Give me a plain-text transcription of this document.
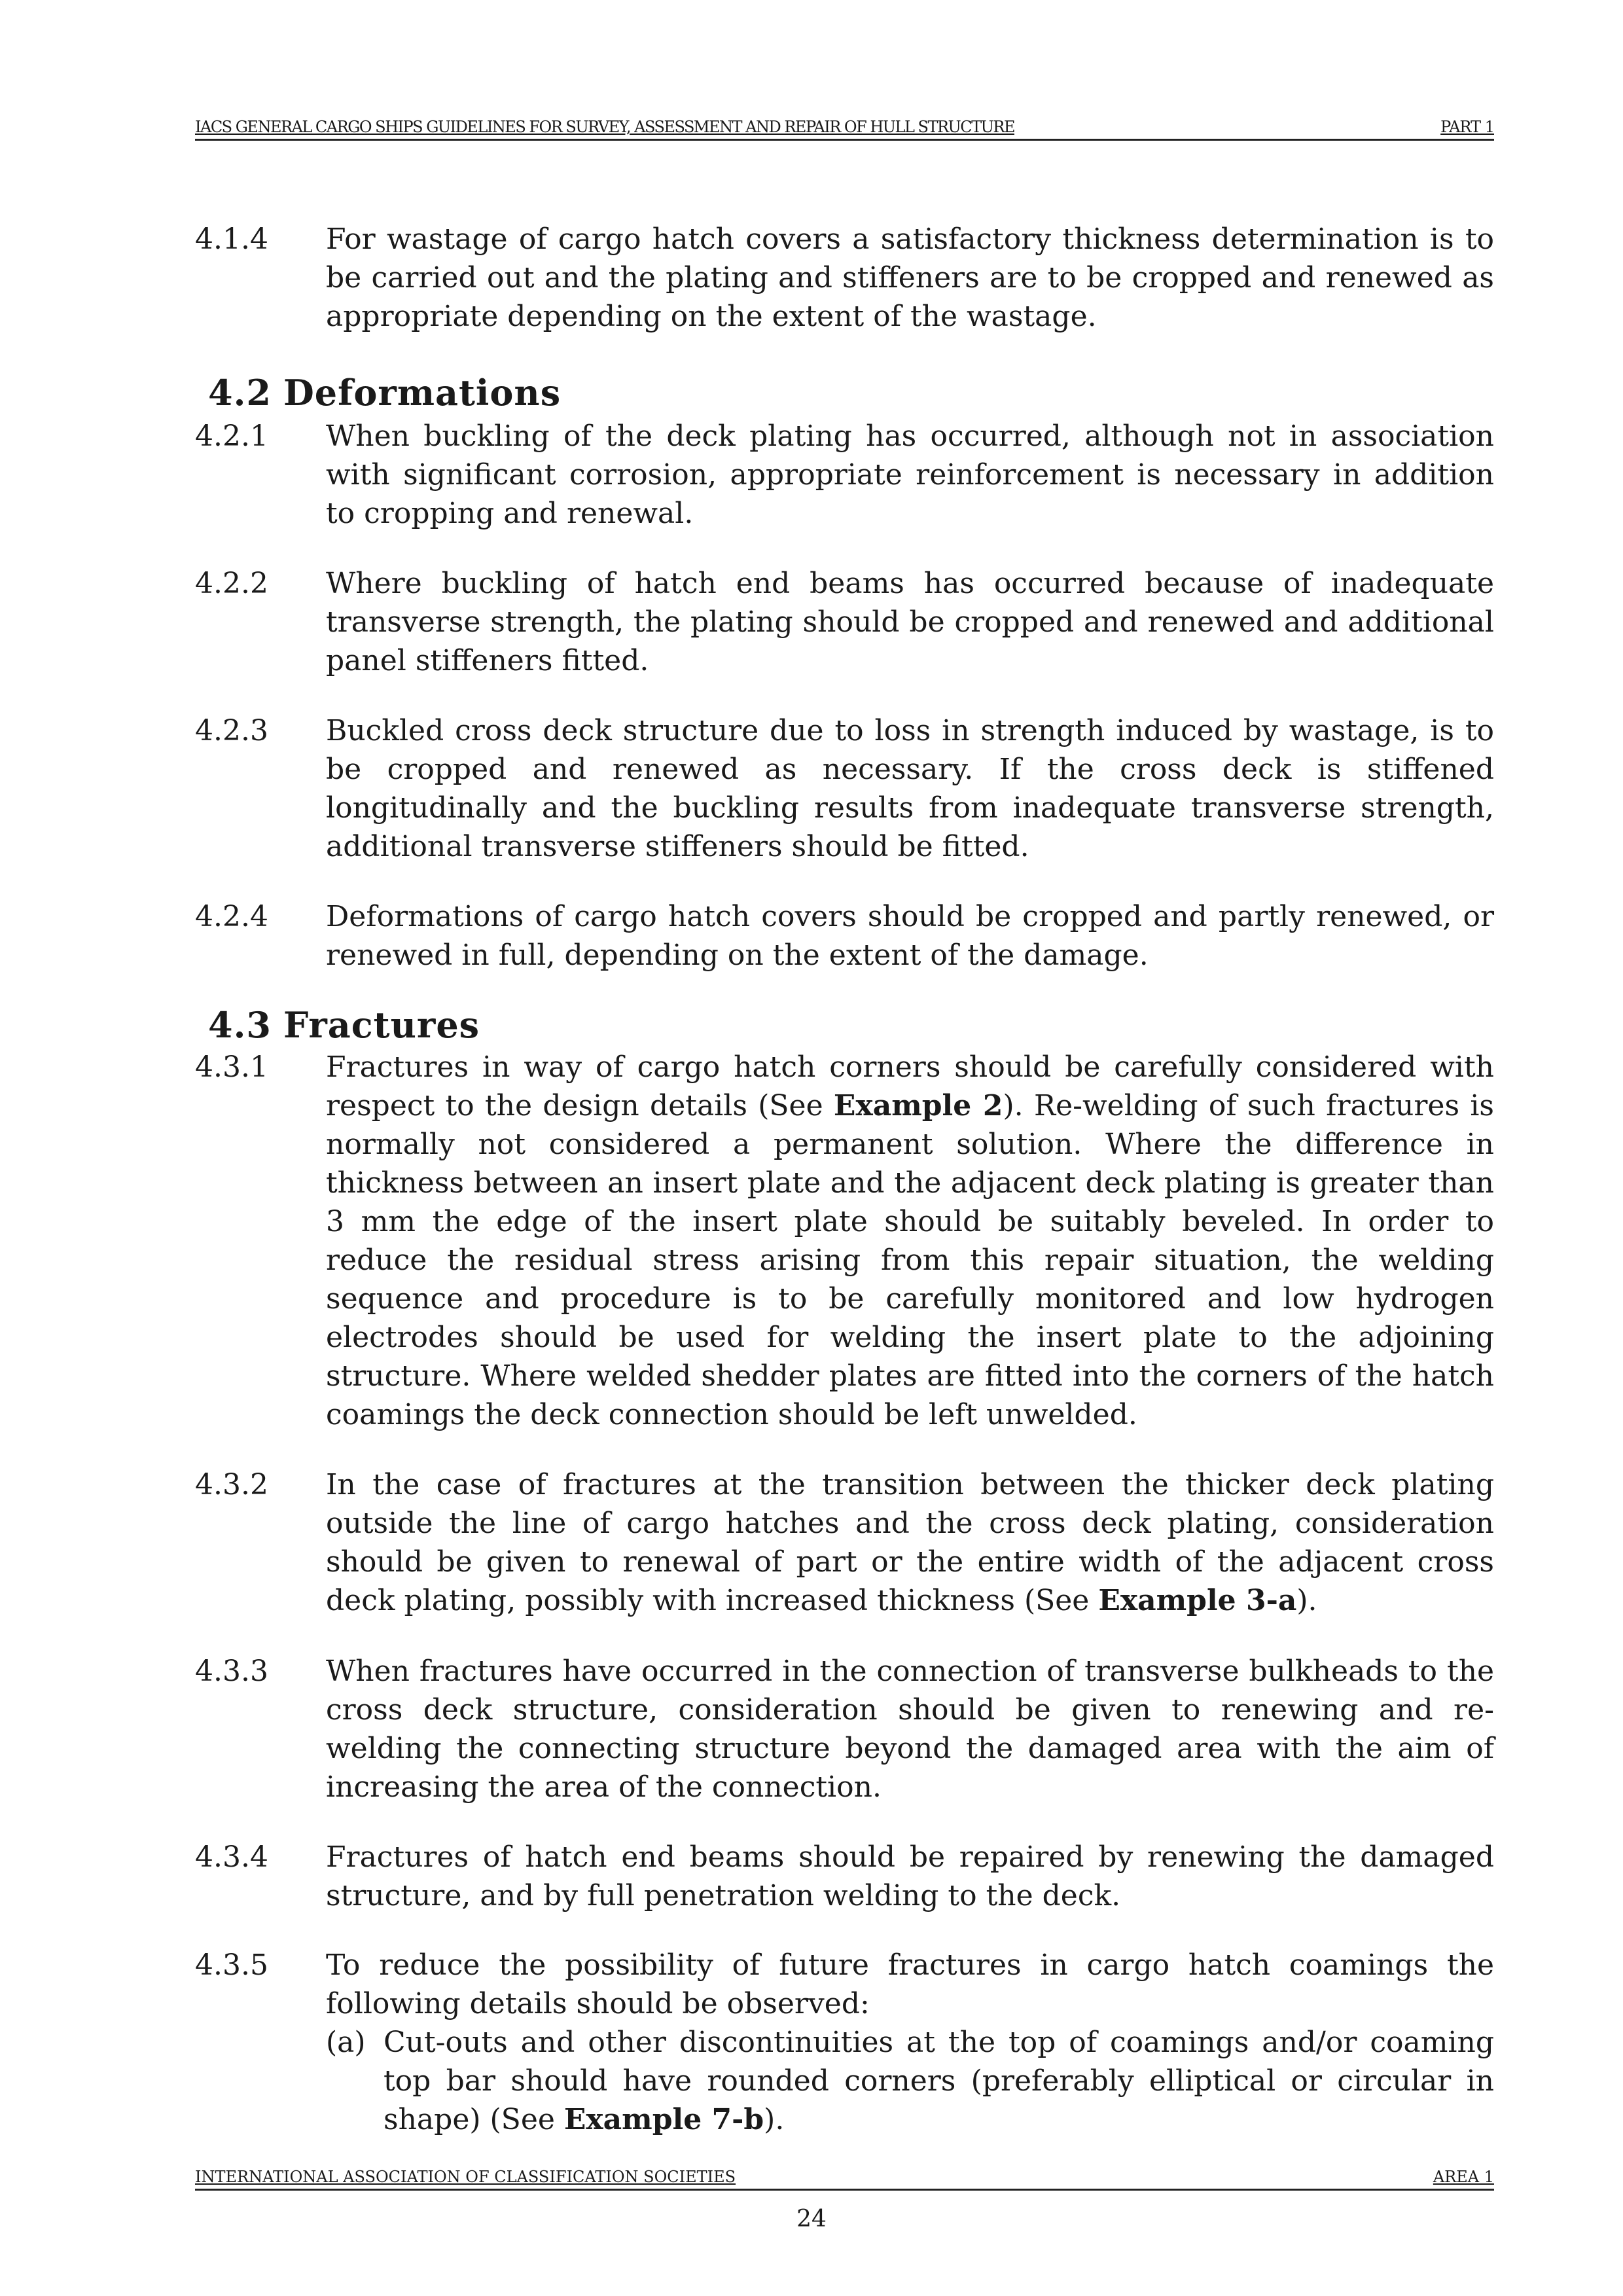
IACS GENERAL CARGO SHIPS GUIDELINES FOR SURVEY, ASSESSMENT AND REPAIR OF HULL STRUCTURE	PART 1
4.1.4 For wastage of cargo hatch covers a satisfactory thickness determination is to be carried out and the plating and stiffeners are to be cropped and renewed as appropriate depending on the extent of the wastage.
4.2 Deformations
4.2.1 When buckling of the deck plating has occurred, although not in association with significant corrosion, appropriate reinforcement is necessary in addition to cropping and renewal.
4.2.2 Where buckling of hatch end beams has occurred because of inadequate transverse strength, the plating should be cropped and renewed and additional panel stiffeners fitted.
4.2.3 Buckled cross deck structure due to loss in strength induced by wastage, is to be cropped and renewed as necessary. If the cross deck is stiffened longitudinally and the buckling results from inadequate transverse strength, additional transverse stiffeners should be fitted.
4.2.4 Deformations of cargo hatch covers should be cropped and partly renewed, or renewed in full, depending on the extent of the damage.
4.3 Fractures
4.3.1 Fractures in way of cargo hatch corners should be carefully considered with respect to the design details (See Example 2). Re-welding of such fractures is normally not considered a permanent solution. Where the difference in thickness between an insert plate and the adjacent deck plating is greater than 3 mm the edge of the insert plate should be suitably beveled. In order to reduce the residual stress arising from this repair situation, the welding sequence and procedure is to be carefully monitored and low hydrogen electrodes should be used for welding the insert plate to the adjoining structure. Where welded shedder plates are fitted into the corners of the hatch coamings the deck connection should be left unwelded.
4.3.2 In the case of fractures at the transition between the thicker deck plating outside the line of cargo hatches and the cross deck plating, consideration should be given to renewal of part or the entire width of the adjacent cross deck plating, possibly with increased thickness (See Example 3-a).
4.3.3 When fractures have occurred in the connection of transverse bulkheads to the cross deck structure, consideration should be given to renewing and re-welding the connecting structure beyond the damaged area with the aim of increasing the area of the connection.
4.3.4 Fractures of hatch end beams should be repaired by renewing the damaged structure, and by full penetration welding to the deck.
4.3.5 To reduce the possibility of future fractures in cargo hatch coamings the following details should be observed:
(a) Cut-outs and other discontinuities at the top of coamings and/or coaming top bar should have rounded corners (preferably elliptical or circular in shape) (See Example 7-b).
INTERNATIONAL ASSOCIATION OF CLASSIFICATION SOCIETIES	AREA 1
24
